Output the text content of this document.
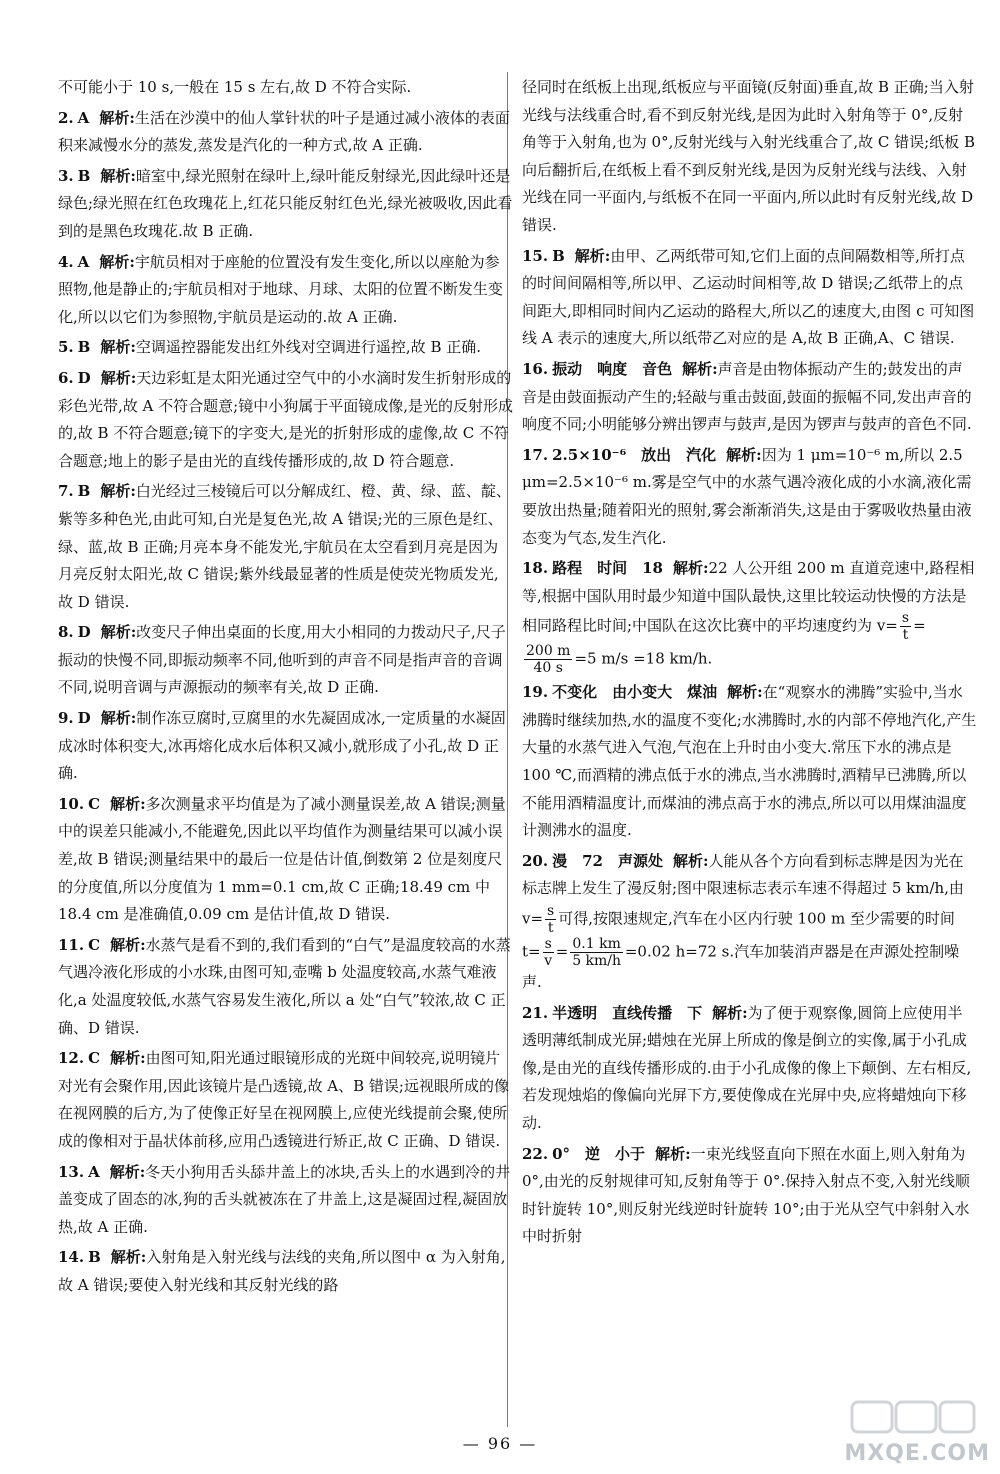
不可能小于 10 s,一般在 15 s 左右,故 D 不符合实际.
2. A 解析:生活在沙漠中的仙人掌针状的叶子是通过减小液体的表面积来减慢水分的蒸发,蒸发是汽化的一种方式,故 A 正确.
3. B 解析:暗室中,绿光照射在绿叶上,绿叶能反射绿光,因此绿叶还是绿色;绿光照在红色玫瑰花上,红花只能反射红色光,绿光被吸收,因此看到的是黑色玫瑰花.故 B 正确.
4. A 解析:宇航员相对于座舱的位置没有发生变化,所以以座舱为参照物,他是静止的;宇航员相对于地球、月球、太阳的位置不断发生变化,所以以它们为参照物,宇航员是运动的.故 A 正确.
5. B 解析:空调遥控器能发出红外线对空调进行遥控,故 B 正确.
6. D 解析:天边彩虹是太阳光通过空气中的小水滴时发生折射形成的彩色光带,故 A 不符合题意;镜中小狗属于平面镜成像,是光的反射形成的,故 B 不符合题意;镜下的字变大,是光的折射形成的虚像,故 C 不符合题意;地上的影子是由光的直线传播形成的,故 D 符合题意.
7. B 解析:白光经过三棱镜后可以分解成红、橙、黄、绿、蓝、靛、紫等多种色光,由此可知,白光是复色光,故 A 错误;光的三原色是红、绿、蓝,故 B 正确;月亮本身不能发光,宇航员在太空看到月亮是因为月亮反射太阳光,故 C 错误;紫外线最显著的性质是使荧光物质发光,故 D 错误.
8. D 解析:改变尺子伸出桌面的长度,用大小相同的力拨动尺子,尺子振动的快慢不同,即振动频率不同,他听到的声音不同是指声音的音调不同,说明音调与声源振动的频率有关,故 D 正确.
9. D 解析:制作冻豆腐时,豆腐里的水先凝固成冰,一定质量的水凝固成冰时体积变大,冰再熔化成水后体积又减小,就形成了小孔,故 D 正确.
10. C 解析:多次测量求平均值是为了减小测量误差,故 A 错误;测量中的误差只能减小,不能避免,因此以平均值作为测量结果可以减小误差,故 B 错误;测量结果中的最后一位是估计值,倒数第 2 位是刻度尺的分度值,所以分度值为 1 mm=0.1 cm,故 C 正确;18.49 cm 中 18.4 cm 是准确值,0.09 cm 是估计值,故 D 错误.
11. C 解析:水蒸气是看不到的,我们看到的“白气”是温度较高的水蒸气遇冷液化形成的小水珠,由图可知,壶嘴 b 处温度较高,水蒸气难液化,a 处温度较低,水蒸气容易发生液化,所以 a 处“白气”较浓,故 C 正确、D 错误.
12. C 解析:由图可知,阳光通过眼镜形成的光斑中间较亮,说明镜片对光有会聚作用,因此该镜片是凸透镜,故 A、B 错误;远视眼所成的像在视网膜的后方,为了使像正好呈在视网膜上,应使光线提前会聚,使所成的像相对于晶状体前移,应用凸透镜进行矫正,故 C 正确、D 错误.
13. A 解析:冬天小狗用舌头舔井盖上的冰块,舌头上的水遇到冷的井盖变成了固态的冰,狗的舌头就被冻在了井盖上,这是凝固过程,凝固放热,故 A 正确.
14. B 解析:入射角是入射光线与法线的夹角,所以图中 α 为入射角,故 A 错误;要使入射光线和其反射光线的路
径同时在纸板上出现,纸板应与平面镜(反射面)垂直,故 B 正确;当入射光线与法线重合时,看不到反射光线,是因为此时入射角等于 0°,反射角等于入射角,也为 0°,反射光线与入射光线重合了,故 C 错误;纸板 B 向后翻折后,在纸板上看不到反射光线,是因为反射光线与法线、入射光线在同一平面内,与纸板不在同一平面内,所以此时有反射光线,故 D 错误.
15. B 解析:由甲、乙两纸带可知,它们上面的点间隔数相等,所打点的时间间隔相等,所以甲、乙运动时间相等,故 D 错误;乙纸带上的点间距大,即相同时间内乙运动的路程大,所以乙的速度大,由图 c 可知图线 A 表示的速度大,所以纸带乙对应的是 A,故 B 正确,A、C 错误.
16. 振动　响度　音色 解析:声音是由物体振动产生的;鼓发出的声音是由鼓面振动产生的;轻敲与重击鼓面,鼓面的振幅不同,发出声音的响度不同;小明能够分辨出锣声与鼓声,是因为锣声与鼓声的音色不同.
17. 2.5×10⁻⁶　放出　汽化 解析:因为 1 μm=10⁻⁶ m,所以 2.5 μm=2.5×10⁻⁶ m.雾是空气中的水蒸气遇冷液化成的小水滴,液化需要放出热量;随着阳光的照射,雾会渐渐消失,这是由于雾吸收热量由液态变为气态,发生汽化.
18. 路程　时间　18 解析:22 人公开组 200 m 直道竞速中,路程相等,根据中国队用时最少知道中国队最快,这里比较运动快慢的方法是相同路程比时间;中国队在这次比赛中的平均速度约为 $v= \frac{s}{t}$ =
$\frac{200 m}{40 s} =5$ m/s =18 km/h.
19. 不变化　由小变大　煤油 解析:在“观察水的沸腾”实验中,当水沸腾时继续加热,水的温度不变化;水沸腾时,水的内部不停地汽化,产生大量的水蒸气进入气泡,气泡在上升时由小变大.常压下水的沸点是 100 ℃,而酒精的沸点低于水的沸点,当水沸腾时,酒精早已沸腾,所以不能用酒精温度计,而煤油的沸点高于水的沸点,所以可以用煤油温度计测沸水的温度.
20. 漫　72　声源处 解析:人能从各个方向看到标志牌是因为光在标志牌上发生了漫反射;图中限速标志表示车速不得超过 5 km/h,由 $v= \frac{s}{t}$ 可得,按限速规定,汽车在小区内行驶 100 m 至少需要的时间 $t= \frac{s}{v} = \frac{0.1 km}{5 km/h} =0.02$ h=72 s.汽车加装消声器是在声源处控制噪声.
21. 半透明　直线传播　下 解析:为了便于观察像,圆筒上应使用半透明薄纸制成光屏;蜡烛在光屏上所成的像是倒立的实像,属于小孔成像,是由光的直线传播形成的.由于小孔成像的像上下颠倒、左右相反,若发现烛焰的像偏向光屏下方,要使像成在光屏中央,应将蜡烛向下移动.
22. 0°　逆　小于 解析:一束光线竖直向下照在水面上,则入射角为 0°,由光的反射规律可知,反射角等于 0°.保持入射点不变,入射光线顺时针旋转 10°,则反射光线逆时针旋转 10°;由于光从空气中斜射入水中时折射
— 96 —	MXQE.COM
